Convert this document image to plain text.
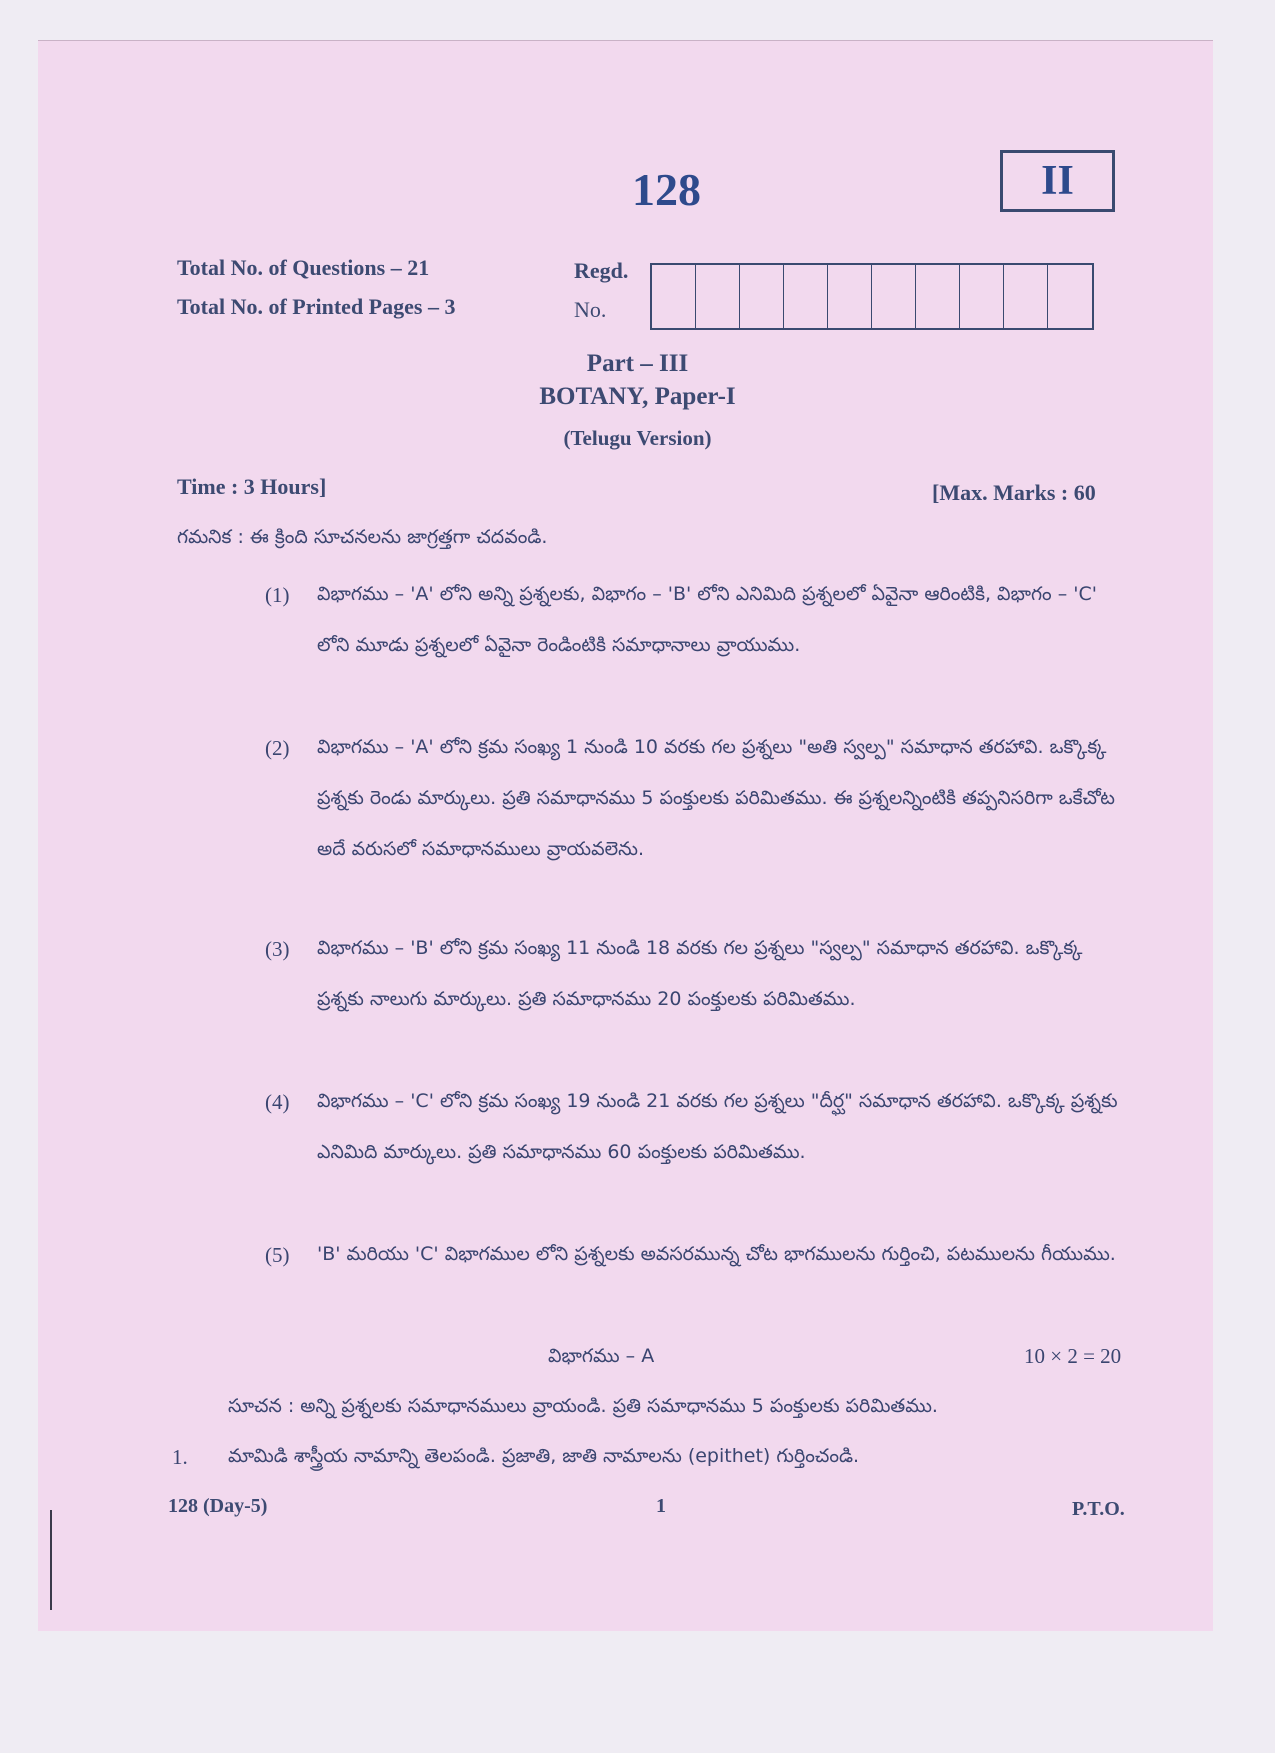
128	II
Total No. of Questions – 21
Total No. of Printed Pages – 3
Regd.
No.
Part – III
BOTANY, Paper-I
(Telugu Version)
Time : 3 Hours]	[Max. Marks : 60
గమనిక : ఈ క్రింది సూచనలను జాగ్రత్తగా చదవండి.
(1)	విభాగము – 'A' లోని అన్ని ప్రశ్నలకు, విభాగం – 'B' లోని ఎనిమిది ప్రశ్నలలో ఏవైనా ఆరింటికి, విభాగం – 'C' లోని మూడు ప్రశ్నలలో ఏవైనా రెండింటికి సమాధానాలు వ్రాయుము.
(2)	విభాగము – 'A' లోని క్రమ సంఖ్య 1 నుండి 10 వరకు గల ప్రశ్నలు "అతి స్వల్ప" సమాధాన తరహావి. ఒక్కొక్క ప్రశ్నకు రెండు మార్కులు. ప్రతి సమాధానము 5 పంక్తులకు పరిమితము. ఈ ప్రశ్నలన్నింటికి తప్పనిసరిగా ఒకేచోట అదే వరుసలో సమాధానములు వ్రాయవలెను.
(3)	విభాగము – 'B' లోని క్రమ సంఖ్య 11 నుండి 18 వరకు గల ప్రశ్నలు "స్వల్ప" సమాధాన తరహావి. ఒక్కొక్క ప్రశ్నకు నాలుగు మార్కులు. ప్రతి సమాధానము 20 పంక్తులకు పరిమితము.
(4)	విభాగము – 'C' లోని క్రమ సంఖ్య 19 నుండి 21 వరకు గల ప్రశ్నలు "దీర్ఘ" సమాధాన తరహావి. ఒక్కొక్క ప్రశ్నకు ఎనిమిది మార్కులు. ప్రతి సమాధానము 60 పంక్తులకు పరిమితము.
(5)	'B' మరియు 'C' విభాగముల లోని ప్రశ్నలకు అవసరమున్న చోట భాగములను గుర్తించి, పటములను గీయుము.
విభాగము – A	10 × 2 = 20
సూచన : అన్ని ప్రశ్నలకు సమాధానములు వ్రాయండి. ప్రతి సమాధానము 5 పంక్తులకు పరిమితము.
1.	మామిడి శాస్త్రీయ నామాన్ని తెలపండి. ప్రజాతి, జాతి నామాలను (epithet) గుర్తించండి.
128 (Day-5)	1	P.T.O.
